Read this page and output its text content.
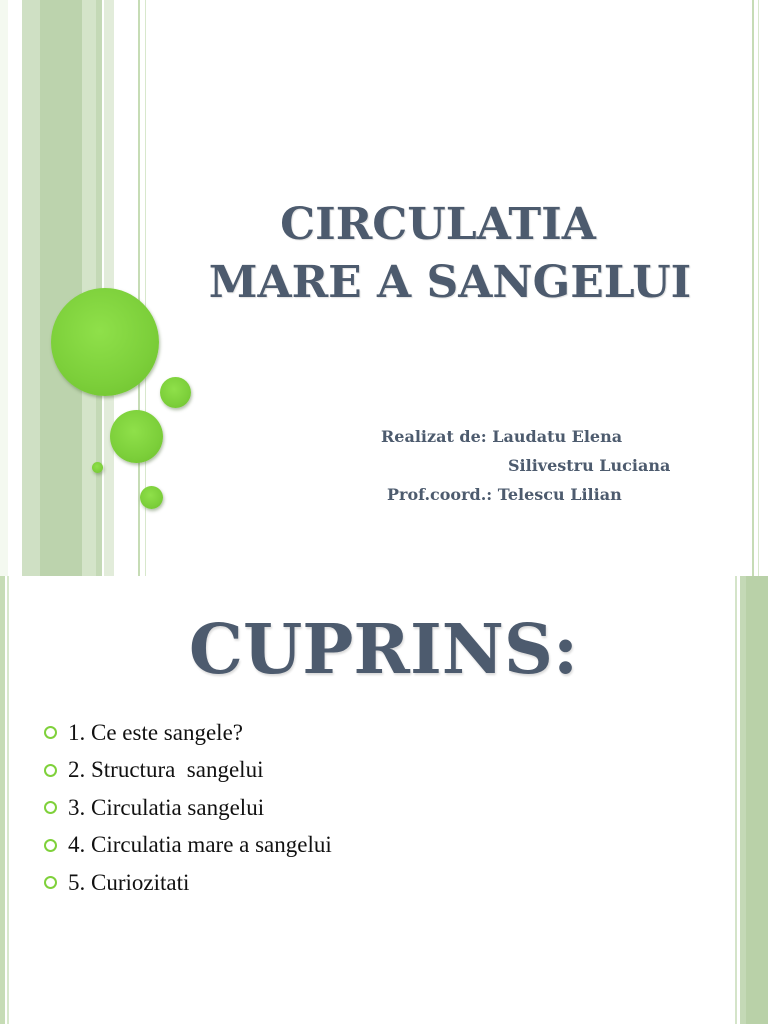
CIRCULATIA
MARE A SANGELUI
Realizat de: Laudatu Elena
Silivestru Luciana
Prof.coord.: Telescu Lilian
CUPRINS:
1. Ce este sangele?
2. Structura  sangelui
3. Circulatia sangelui
4. Circulatia mare a sangelui
5. Curiozitati
